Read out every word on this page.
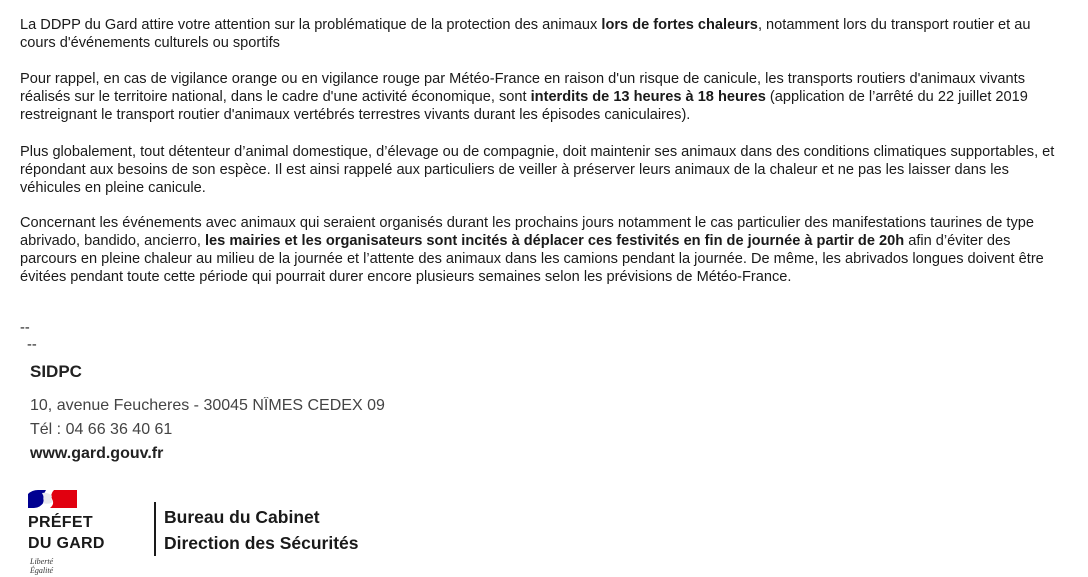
La DDPP du Gard attire votre attention sur la problématique de la protection des animaux lors de fortes chaleurs, notamment lors du transport routier et au cours d'événements culturels ou sportifs

Pour rappel, en cas de vigilance orange ou en vigilance rouge par Météo-France en raison d'un risque de canicule, les transports routiers d'animaux vivants réalisés sur le territoire national, dans le cadre d'une activité économique, sont interdits de 13 heures à 18 heures (application de l’arrêté du 22 juillet 2019 restreignant le transport routier d'animaux vertébrés terrestres vivants durant les épisodes caniculaires).

Plus globalement, tout détenteur d’animal domestique, d’élevage ou de compagnie, doit maintenir ses animaux dans des conditions climatiques supportables, et répondant aux besoins de son espèce. Il est ainsi rappelé aux particuliers de veiller à préserver leurs animaux de la chaleur et ne pas les laisser dans les véhicules en pleine canicule.

Concernant les événements avec animaux qui seraient organisés durant les prochains jours notamment le cas particulier des manifestations taurines de type abrivado, bandido, ancierro, les mairies et les organisateurs sont incités à déplacer ces festivités en fin de journée à partir de 20h afin d’éviter des parcours en pleine chaleur au milieu de la journée et l’attente des animaux dans les camions pendant la journée. De même, les abrivados longues doivent être évitées pendant toute cette période qui pourrait durer encore plusieurs semaines selon les prévisions de Météo-France.

--
--
SIDPC
10, avenue Feucheres - 30045 NÎMES CEDEX 09
Tél : 04 66 36 40 61
www.gard.gouv.fr
PRÉFET
DU GARD
Liberté
Égalité
Bureau du Cabinet
Direction des Sécurités
